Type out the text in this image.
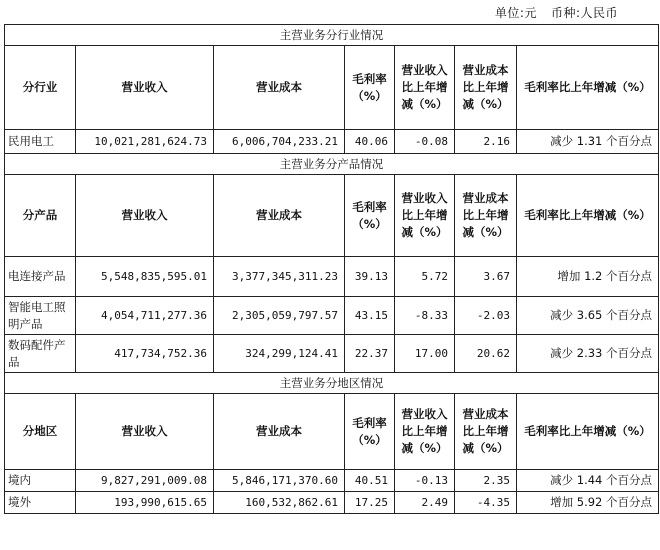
单位:元 币种:人民币
主营业务分行业情况						
分行业	营业收入	营业成本	毛利率（%）	营业收入比上年增减（%）	营业成本比上年增减（%）	毛利率比上年增减（%）
民用电工	10,021,281,624.73	6,006,704,233.21	40.06	-0.08	2.16	减少 1.31 个百分点
主营业务分产品情况						
分产品	营业收入	营业成本	毛利率（%）	营业收入比上年增减（%）	营业成本比上年增减（%）	毛利率比上年增减（%）
电连接产品	5,548,835,595.01	3,377,345,311.23	39.13	5.72	3.67	增加 1.2 个百分点
智能电工照明产品	4,054,711,277.36	2,305,059,797.57	43.15	-8.33	-2.03	减少 3.65 个百分点
数码配件产品	417,734,752.36	324,299,124.41	22.37	17.00	20.62	减少 2.33 个百分点
主营业务分地区情况						
分地区	营业收入	营业成本	毛利率（%）	营业收入比上年增减（%）	营业成本比上年增减（%）	毛利率比上年增减（%）
境内	9,827,291,009.08	5,846,171,370.60	40.51	-0.13	2.35	减少 1.44 个百分点
境外	193,990,615.65	160,532,862.61	17.25	2.49	-4.35	增加 5.92 个百分点
